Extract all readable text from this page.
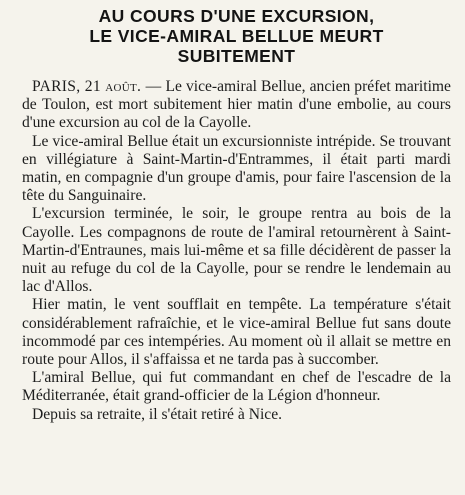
AU COURS D'UNE EXCURSION,
LE VICE-AMIRAL BELLUE MEURT
SUBITEMENT

PARIS, 21 août. — Le vice-amiral Bellue, ancien préfet maritime de Toulon, est mort subitement hier matin d'une embolie, au cours d'une excursion au col de la Cayolle.

Le vice-amiral Bellue était un excursionniste intrépide. Se trouvant en villégiature à Saint-Martin-d'Entrammes, il était parti mardi matin, en compagnie d'un groupe d'amis, pour faire l'ascension de la tête du Sanguinaire.

L'excursion terminée, le soir, le groupe rentra au bois de la Cayolle. Les compagnons de route de l'amiral retournèrent à Saint-Martin-d'Entraunes, mais lui-même et sa fille décidèrent de passer la nuit au refuge du col de la Cayolle, pour se rendre le lendemain au lac d'Allos.

Hier matin, le vent soufflait en tempête. La température s'était considérablement rafraîchie, et le vice-amiral Bellue fut sans doute incommodé par ces intempéries. Au moment où il allait se mettre en route pour Allos, il s'affaissa et ne tarda pas à succomber.

L'amiral Bellue, qui fut commandant en chef de l'escadre de la Méditerranée, était grand-officier de la Légion d'honneur.

Depuis sa retraite, il s'était retiré à Nice.
